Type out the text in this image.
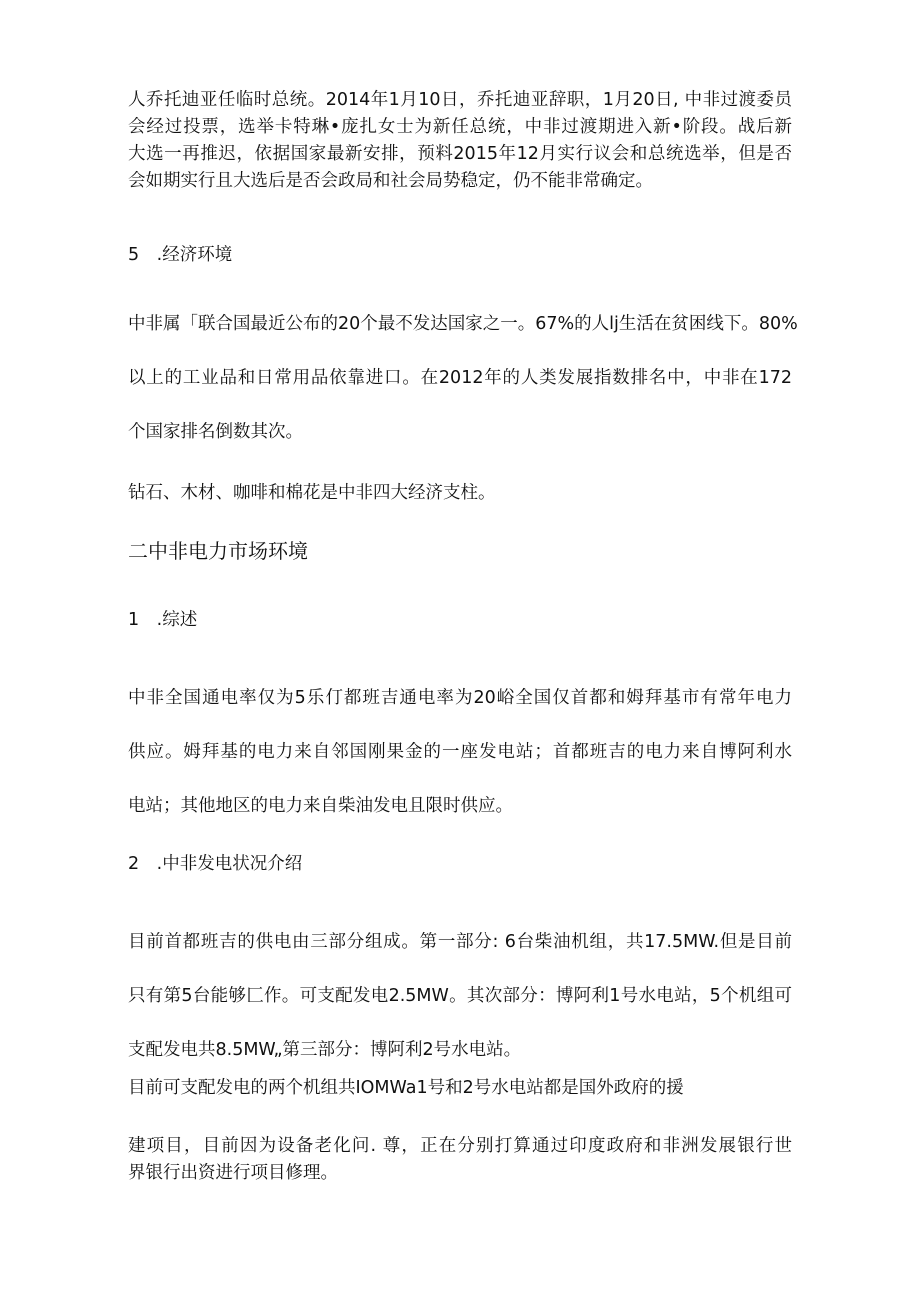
人乔托迪亚任临时总统。2014年1月10日，乔托迪亚辞职，1月20日, 中非过渡委员
会经过投票，选举卡特琳•庞扎女士为新任总统，中非过渡期进入新•阶段。战后新
大选一再推迟，依据国家最新安排，预料2015年12月实行议会和总统选举，但是否
会如期实行且大选后是否会政局和社会局势稳定，仍不能非常确定。
5　.经济环境
中非属「联合国最近公布的20个最不发达国家之一。67%的人lj生活在贫困线下。80%
以上的工业品和日常用品依靠进口。在2012年的人类发展指数排名中，中非在172
个国家排名倒数其次。
钻石、木材、咖啡和棉花是中非四大经济支柱。
二中非电力市场环境
1　.综述
中非全国通电率仅为5乐仃都班吉通电率为20峪全国仅首都和姆拜基市有常年电力
供应。姆拜基的电力来自邻国刚果金的一座发电站；首都班吉的电力来自博阿利水
电站；其他地区的电力来自柴油发电且限时供应。
2　.中非发电状况介绍
目前首都班吉的供电由三部分组成。第一部分: 6台柴油机组，共17.5MW.但是目前
只有第5台能够匚作。可支配发电2.5MW。其次部分：博阿利1号水电站，5个机组可
支配发电共8.5MW„第三部分：博阿利2号水电站。
目前可支配发电的两个机组共IOMWa1号和2号水电站都是国外政府的援
建项目，目前因为设备老化问. 尊，正在分别打算通过印度政府和非洲发展银行世
界银行出资进行项目修理。
